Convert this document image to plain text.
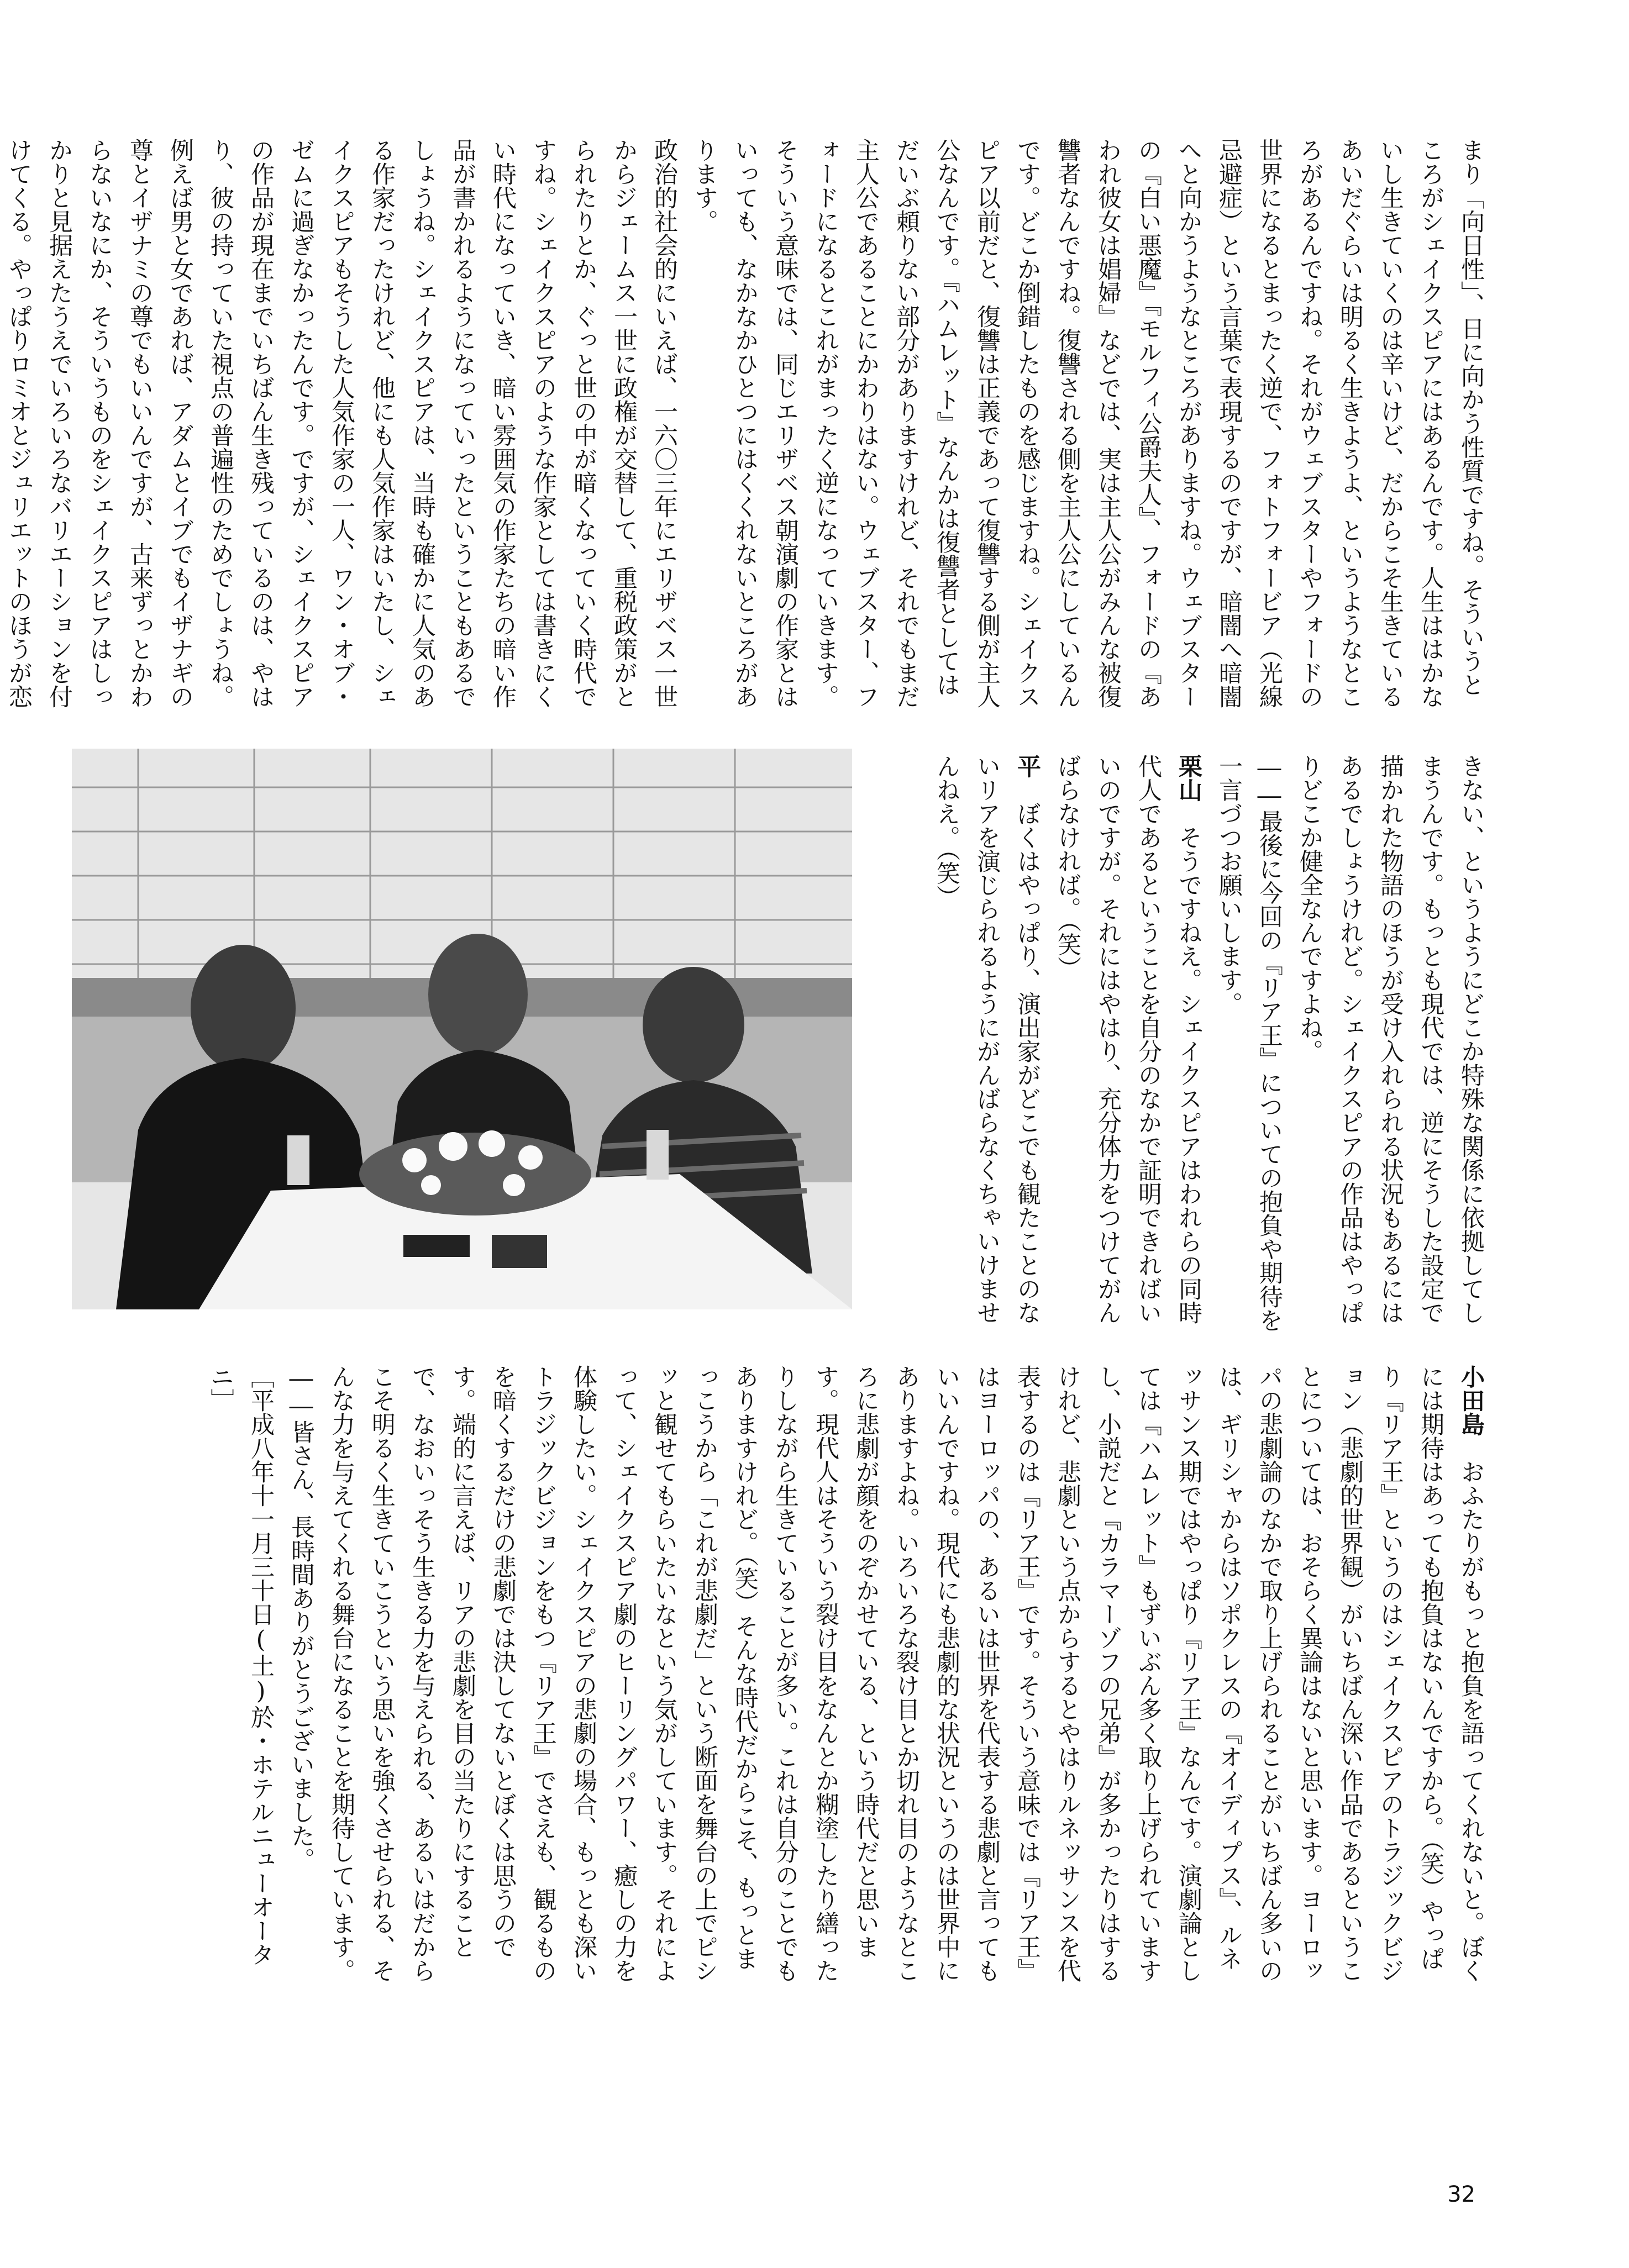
まり「向日性」、日に向かう性質ですね。そういうところがシェイクスピアにはあるんです。人生ははかないし生きていくのは辛いけど、だからこそ生きているあいだぐらいは明るく生きようよ、というようなところがあるんですね。それがウェブスターやフォードの世界になるとまったく逆で、フォトフォービア（光線忌避症）という言葉で表現するのですが、暗闇へ暗闇へと向かうようなところがありますね。ウェブスターの『白い悪魔』『モルフィ公爵夫人』、フォードの『あわれ彼女は娼婦』などでは、実は主人公がみんな被復讐者なんですね。復讐される側を主人公にしているんです。どこか倒錯したものを感じますね。シェイクスピア以前だと、復讐は正義であって復讐する側が主人公なんです。『ハムレット』なんかは復讐者としてはだいぶ頼りない部分がありますけれど、それでもまだ主人公であることにかわりはない。ウェブスター、フォードになるとこれがまったく逆になっていきます。そういう意味では、同じエリザベス朝演劇の作家とはいっても、なかなかひとつにはくくれないところがあります。

政治的社会的にいえば、一六〇三年にエリザベス一世からジェームス一世に政権が交替して、重税政策がとられたりとか、ぐっと世の中が暗くなっていく時代ですね。シェイクスピアのような作家としては書きにくい時代になっていき、暗い雰囲気の作家たちの暗い作品が書かれるようになっていったということもあるでしょうね。シェイクスピアは、当時も確かに人気のある作家だったけれど、他にも人気作家はいたし、シェイクスピアもそうした人気作家の一人、ワン・オブ・ゼムに過ぎなかったんです。ですが、シェイクスピアの作品が現在までいちばん生き残っているのは、やはり、彼の持っていた視点の普遍性のためでしょうね。例えば男と女であれば、アダムとイブでもイザナギの尊とイザナミの尊でもいいんですが、古来ずっとかわらないなにか、そういうものをシェイクスピアはしっかりと見据えたうえでいろいろなバリエーションを付けてくる。やっぱりロミオとジュリエットのほうが恋

きない、というようにどこか特殊な関係に依拠してしまうんです。もっとも現代では、逆にそうした設定で描かれた物語のほうが受け入れられる状況もあるにはあるでしょうけれど。シェイクスピアの作品はやっぱりどこか健全なんですよね。

――最後に今回の『リア王』についての抱負や期待を一言づつお願いします。

栗山　そうですねえ。シェイクスピアはわれらの同時代人であるということを自分のなかで証明できればいいのですが。それにはやはり、充分体力をつけてがんばらなければ。（笑）

平　ぼくはやっぱり、演出家がどこでも観たことのないリアを演じられるようにがんばらなくちゃいけませんねえ。（笑）

小田島　おふたりがもっと抱負を語ってくれないと。ぼくには期待はあっても抱負はないんですから。（笑）やっぱり『リア王』というのはシェイクスピアのトラジックビジョン（悲劇的世界観）がいちばん深い作品であるということについては、おそらく異論はないと思います。ヨーロッパの悲劇論のなかで取り上げられることがいちばん多いのは、ギリシャからはソポクレスの『オイディプス』、ルネッサンス期ではやっぱり『リア王』なんです。演劇論としては『ハムレット』もずいぶん多く取り上げられていますし、小説だと『カラマーゾフの兄弟』が多かったりはするけれど、悲劇という点からするとやはりルネッサンスを代表するのは『リア王』です。そういう意味では『リア王』はヨーロッパの、あるいは世界を代表する悲劇と言ってもいいんですね。現代にも悲劇的な状況というのは世界中にありますよね。いろいろな裂け目とか切れ目のようなところに悲劇が顔をのぞかせている、という時代だと思います。現代人はそういう裂け目をなんとか糊塗したり繕ったりしながら生きていることが多い。これは自分のことでもありますけれど。（笑）そんな時代だからこそ、もっとまっこうから「これが悲劇だ」という断面を舞台の上でピシッと観せてもらいたいなという気がしています。それによって、シェイクスピア劇のヒーリングパワー、癒しの力を体験したい。シェイクスピアの悲劇の場合、もっとも深いトラジックビジョンをもつ『リア王』でさえも、観るものを暗くするだけの悲劇では決してないとぼくは思うのです。端的に言えば、リアの悲劇を目の当たりにすることで、なおいっそう生きる力を与えられる、あるいはだからこそ明るく生きていこうという思いを強くさせられる、そんな力を与えてくれる舞台になることを期待しています。

――皆さん、長時間ありがとうございました。

［平成八年十一月三十日(土)於・ホテルニューオータニ］

32
